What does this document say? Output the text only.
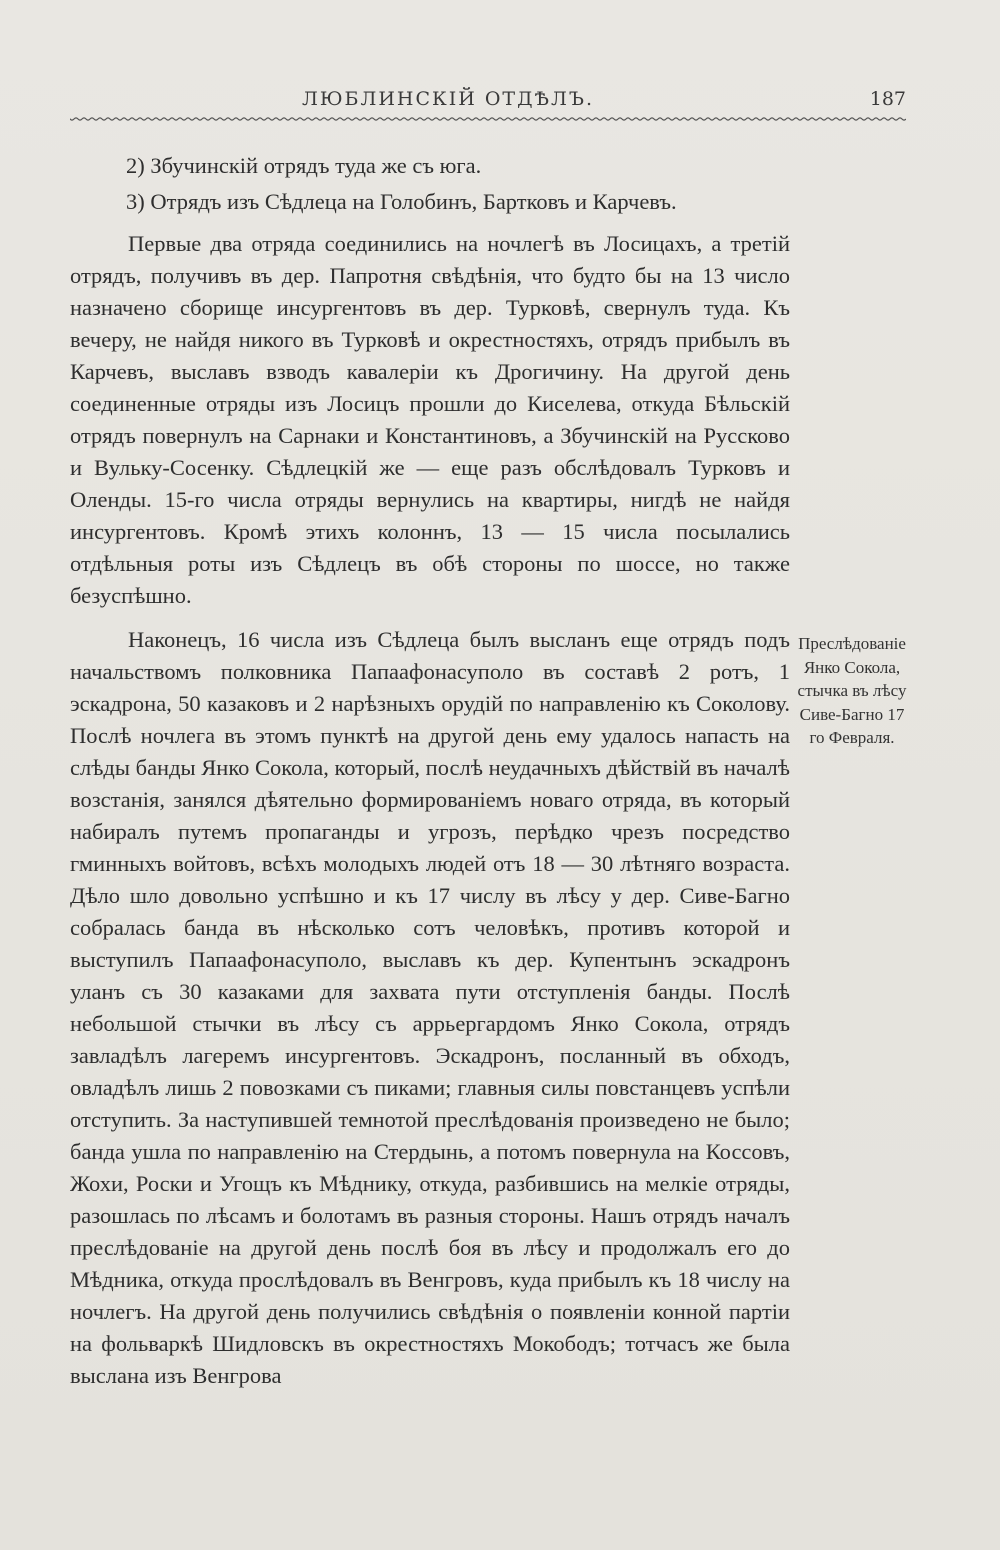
ЛЮБЛИНСКІЙ ОТДѢЛЪ.	187
2) Збучинскій отрядъ туда же съ юга.
3) Отрядъ изъ Сѣдлеца на Голобинъ, Бартковъ и Карчевъ.

Первые два отряда соединились на ночлегѣ въ Лосицахъ, а третій отрядъ, получивъ въ дер. Папротня свѣдѣнія, что будто бы на 13 число назначено сборище инсургентовъ въ дер. Турковѣ, свернулъ туда. Къ вечеру, не найдя никого въ Турковѣ и окрестностяхъ, отрядъ прибылъ въ Карчевъ, выславъ взводъ кавалеріи къ Дрогичину. На другой день соединенные отряды изъ Лосицъ прошли до Киселева, откуда Бѣльскій отрядъ повернулъ на Сарнаки и Константиновъ, а Збучинскій на Русcково и Вульку-Сосенку. Сѣдлецкій же — еще разъ обслѣдовалъ Турковъ и Оленды. 15-го числа отряды вернулись на квартиры, нигдѣ не найдя инсургентовъ. Кромѣ этихъ колоннъ, 13 — 15 числа посылались отдѣльныя роты изъ Сѣдлецъ въ обѣ стороны по шоссе, но также безуспѣшно.

Наконецъ, 16 числа изъ Сѣдлеца былъ высланъ еще отрядъ подъ начальствомъ полковника Папаафонасуполо въ составѣ 2 ротъ, 1 эскадрона, 50 казаковъ и 2 нарѣзныхъ орудій по направленію къ Соколову. Послѣ ночлега въ этомъ пунктѣ на другой день ему удалось напасть на слѣды банды Янко Сокола, который, послѣ неудачныхъ дѣйствій въ началѣ возстанія, занялся дѣятельно формированіемъ новаго отряда, въ который набиралъ путемъ пропаганды и угрозъ, перѣдко чрезъ посредство гминныхъ войтовъ, всѣхъ молодыхъ людей отъ 18 — 30 лѣтняго возраста. Дѣло шло довольно успѣшно и къ 17 числу въ лѣсу у дер. Сиве-Багно собралась банда въ нѣсколько сотъ человѣкъ, противъ которой и выступилъ Папаафонасуполо, выславъ къ дер. Купентынъ эскадронъ уланъ съ 30 казаками для захвата пути отступленія банды. Послѣ небольшой стычки въ лѣсу съ аррьергардомъ Янко Сокола, отрядъ завладѣлъ лагеремъ инсургентовъ. Эскадронъ, посланный въ обходъ, овладѣлъ лишь 2 повозками съ пиками; главныя силы повстанцевъ успѣли отступить. За наступившей темнотой преслѣдованія произведено не было; банда ушла по направленію на Стердынь, а потомъ повернула на Коссовъ, Жохи, Роски и Угощъ къ Мѣднику, откуда, разбившись на мелкіе отряды, разошлась по лѣсамъ и болотамъ въ разныя стороны. Нашъ отрядъ началъ преслѣдованіе на другой день послѣ боя въ лѣсу и продолжалъ его до Мѣдника, откуда прослѣдовалъ въ Венгровъ, куда прибылъ къ 18 числу на ночлегъ. На другой день получились свѣдѣнія о появленіи конной партіи на фольваркѣ Шидловскъ въ окрестностяхъ Мокободъ; тотчасъ же была выслана изъ Венгрова

Преслѣдованіе Янко Сокола, стычка въ лѣсу Сиве-Багно 17 го Февраля.
